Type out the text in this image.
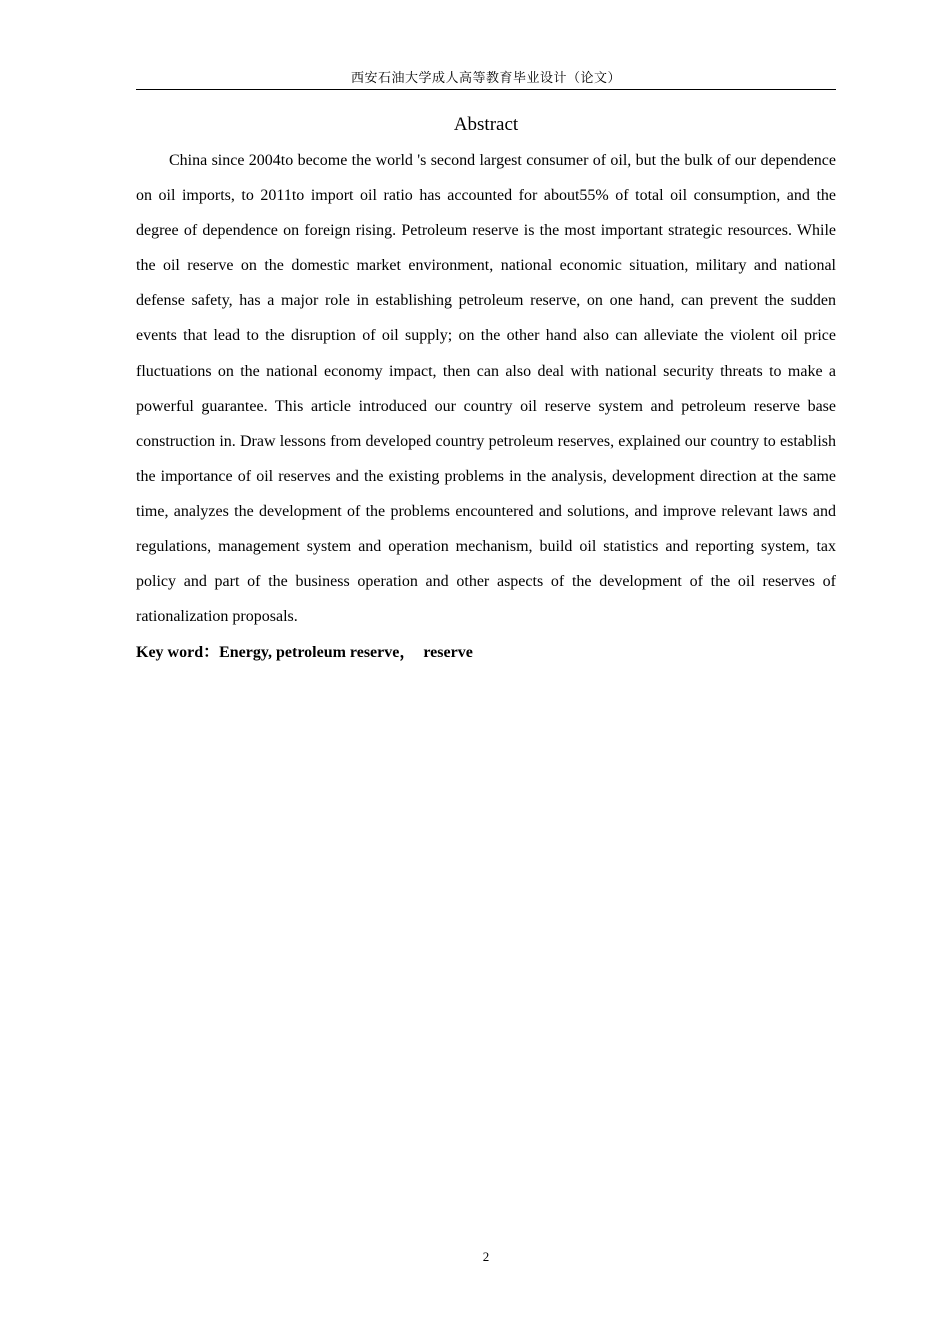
西安石油大学成人高等教育毕业设计（论文）
Abstract

China since 2004to become the world 's second largest consumer of oil, but the bulk of our dependence on oil imports, to 2011to import oil ratio has accounted for about55% of total oil consumption, and the degree of dependence on foreign rising. Petroleum reserve is the most important strategic resources. While the oil reserve on the domestic market environment, national economic situation, military and national defense safety, has a major role in establishing petroleum reserve, on one hand, can prevent the sudden events that lead to the disruption of oil supply; on the other hand also can alleviate the violent oil price fluctuations on the national economy impact, then can also deal with national security threats to make a powerful guarantee. This article introduced our country oil reserve system and petroleum reserve base construction in. Draw lessons from developed country petroleum reserves, explained our country to establish the importance of oil reserves and the existing problems in the analysis, development direction at the same time, analyzes the development of the problems encountered and solutions, and improve relevant laws and regulations, management system and operation mechanism, build oil statistics and reporting system, tax policy and part of the business operation and other aspects of the development of the oil reserves of rationalization proposals.

Key word：Energy, petroleum reserve，　reserve
2
